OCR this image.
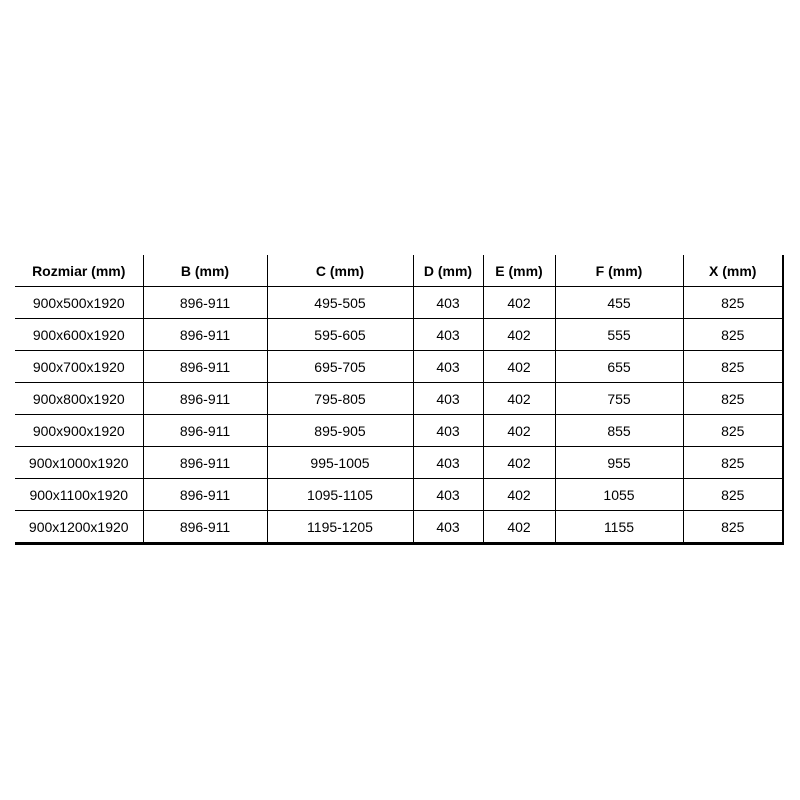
Rozmiar (mm)	B (mm)	C (mm)	D (mm)	E (mm)	F (mm)	X (mm)
900x500x1920	896-911	495-505	403	402	455	825
900x600x1920	896-911	595-605	403	402	555	825
900x700x1920	896-911	695-705	403	402	655	825
900x800x1920	896-911	795-805	403	402	755	825
900x900x1920	896-911	895-905	403	402	855	825
900x1000x1920	896-911	995-1005	403	402	955	825
900x1100x1920	896-911	1095-1105	403	402	1055	825
900x1200x1920	896-911	1195-1205	403	402	1155	825
